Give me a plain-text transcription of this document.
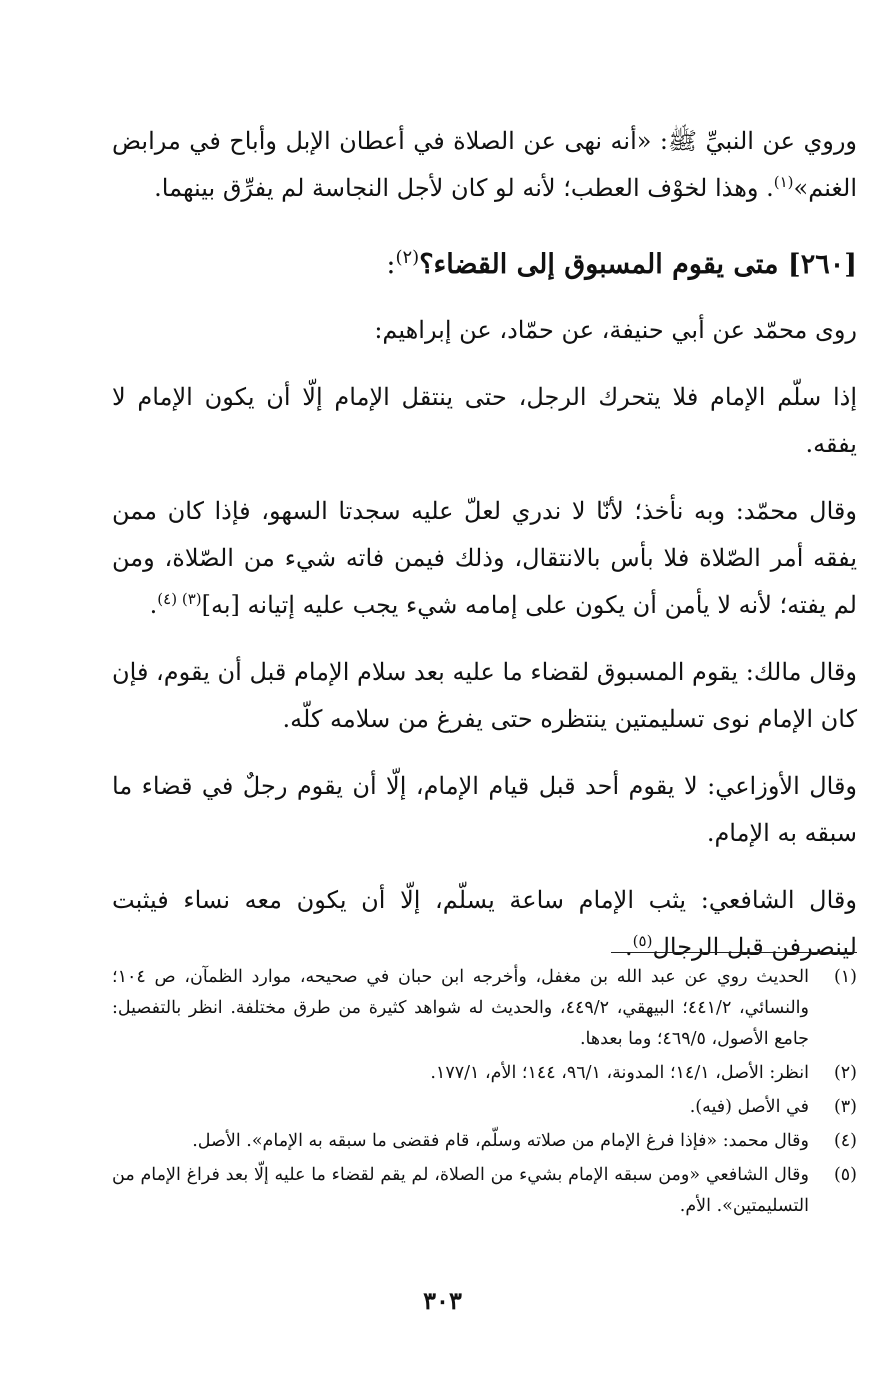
وروي عن النبيِّ ﷺ: «أنه نهى عن الصلاة في أعطان الإبل وأباح في مرابض الغنم»$^{(١)}$. وهذا لخوْف العطب؛ لأنه لو كان لأجل النجاسة لم يفرِّق بينهما.

[٢٦٠] متى يقوم المسبوق إلى القضاء؟$^{(٢)}$:

روى محمّد عن أبي حنيفة، عن حمّاد، عن إبراهيم:

إذا سلّم الإمام فلا يتحرك الرجل، حتى ينتقل الإمام إلّا أن يكون الإمام لا يفقه.

وقال محمّد: وبه نأخذ؛ لأنّا لا ندري لعلّ عليه سجدتا السهو، فإذا كان ممن يفقه أمر الصّلاة فلا بأس بالانتقال، وذلك فيمن فاته شيء من الصّلاة، ومن لم يفته؛ لأنه لا يأمن أن يكون على إمامه شيء يجب عليه إتيانه [به]$^{(٣) (٤)}$.

وقال مالك: يقوم المسبوق لقضاء ما عليه بعد سلام الإمام قبل أن يقوم، فإن كان الإمام نوى تسليمتين ينتظره حتى يفرغ من سلامه كلّه.

وقال الأوزاعي: لا يقوم أحد قبل قيام الإمام، إلّا أن يقوم رجلٌ في قضاء ما سبقه به الإمام.

وقال الشافعي: يثب الإمام ساعة يسلّم، إلّا أن يكون معه نساء فيثبت لينصرفن قبل الرجال$^{(٥)}$.

(١)
الحديث روي عن عبد الله بن مغفل، وأخرجه ابن حبان في صحيحه، موارد الظمآن، ص ١٠٤؛ والنسائي، ٤٤١/٢؛ البيهقي، ٤٤٩/٢، والحديث له شواهد كثيرة من طرق مختلفة. انظر بالتفصيل: جامع الأصول، ٤٦٩/٥؛ وما بعدها.
(٢)
انظر: الأصل، ١٤/١؛ المدونة، ٩٦/١، ١٤٤؛ الأم، ١٧٧/١.
(٣)
في الأصل (فيه).
(٤)
وقال محمد: «فإذا فرغ الإمام من صلاته وسلّم، قام فقضى ما سبقه به الإمام». الأصل.
(٥)
وقال الشافعي «ومن سبقه الإمام بشيء من الصلاة، لم يقم لقضاء ما عليه إلّا بعد فراغ الإمام من التسليمتين». الأم.
٣٠٣
